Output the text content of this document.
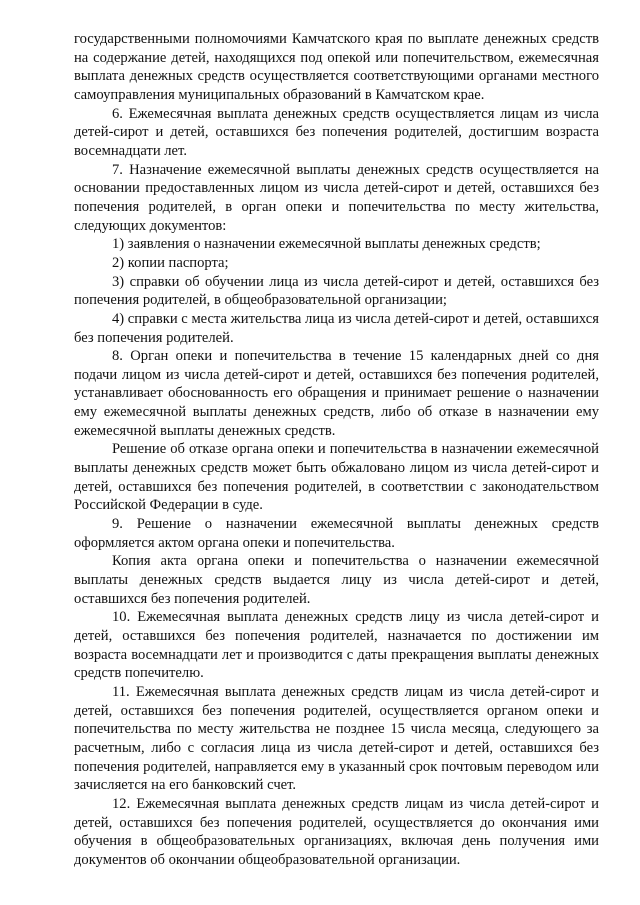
государственными полномочиями Камчатского края по выплате денежных средств на содержание детей, находящихся под опекой или попечительством, ежемесячная выплата денежных средств осуществляется соответствующими органами местного самоуправления муниципальных образований в Камчатском крае.

6. Ежемесячная выплата денежных средств осуществляется лицам из числа детей-сирот и детей, оставшихся без попечения родителей, достигшим возраста восемнадцати лет.

7. Назначение ежемесячной выплаты денежных средств осуществляется на основании предоставленных лицом из числа детей-сирот и детей, оставшихся без попечения родителей, в орган опеки и попечительства по месту жительства, следующих документов:

1) заявления о назначении ежемесячной выплаты денежных средств;

2) копии паспорта;

3) справки об обучении лица из числа детей-сирот и детей, оставшихся без попечения родителей, в общеобразовательной организации;

4) справки с места жительства лица из числа детей-сирот и детей, оставшихся без попечения родителей.

8. Орган опеки и попечительства в течение 15 календарных дней со дня подачи лицом из числа детей-сирот и детей, оставшихся без попечения родителей, устанавливает обоснованность его обращения и принимает решение о назначении ему ежемесячной выплаты денежных средств, либо об отказе в назначении ему ежемесячной выплаты денежных средств.

Решение об отказе органа опеки и попечительства в назначении ежемесячной выплаты денежных средств может быть обжаловано лицом из числа детей-сирот и детей, оставшихся без попечения родителей, в соответствии с законодательством Российской Федерации в суде.

9. Решение о назначении ежемесячной выплаты денежных средств оформляется актом органа опеки и попечительства.

Копия акта органа опеки и попечительства о назначении ежемесячной выплаты денежных средств выдается лицу из числа детей-сирот и детей, оставшихся без попечения родителей.

10. Ежемесячная выплата денежных средств лицу из числа детей-сирот и детей, оставшихся без попечения родителей, назначается по достижении им возраста восемнадцати лет и производится с даты прекращения выплаты денежных средств попечителю.

11. Ежемесячная выплата денежных средств лицам из числа детей-сирот и детей, оставшихся без попечения родителей, осуществляется органом опеки и попечительства по месту жительства не позднее 15 числа месяца, следующего за расчетным, либо с согласия лица из числа детей-сирот и детей, оставшихся без попечения родителей, направляется ему в указанный срок почтовым переводом или зачисляется на его банковский счет.

12. Ежемесячная выплата денежных средств лицам из числа детей-сирот и детей, оставшихся без попечения родителей, осуществляется до окончания ими обучения в общеобразовательных организациях, включая день получения ими документов об окончании общеобразовательной организации.
